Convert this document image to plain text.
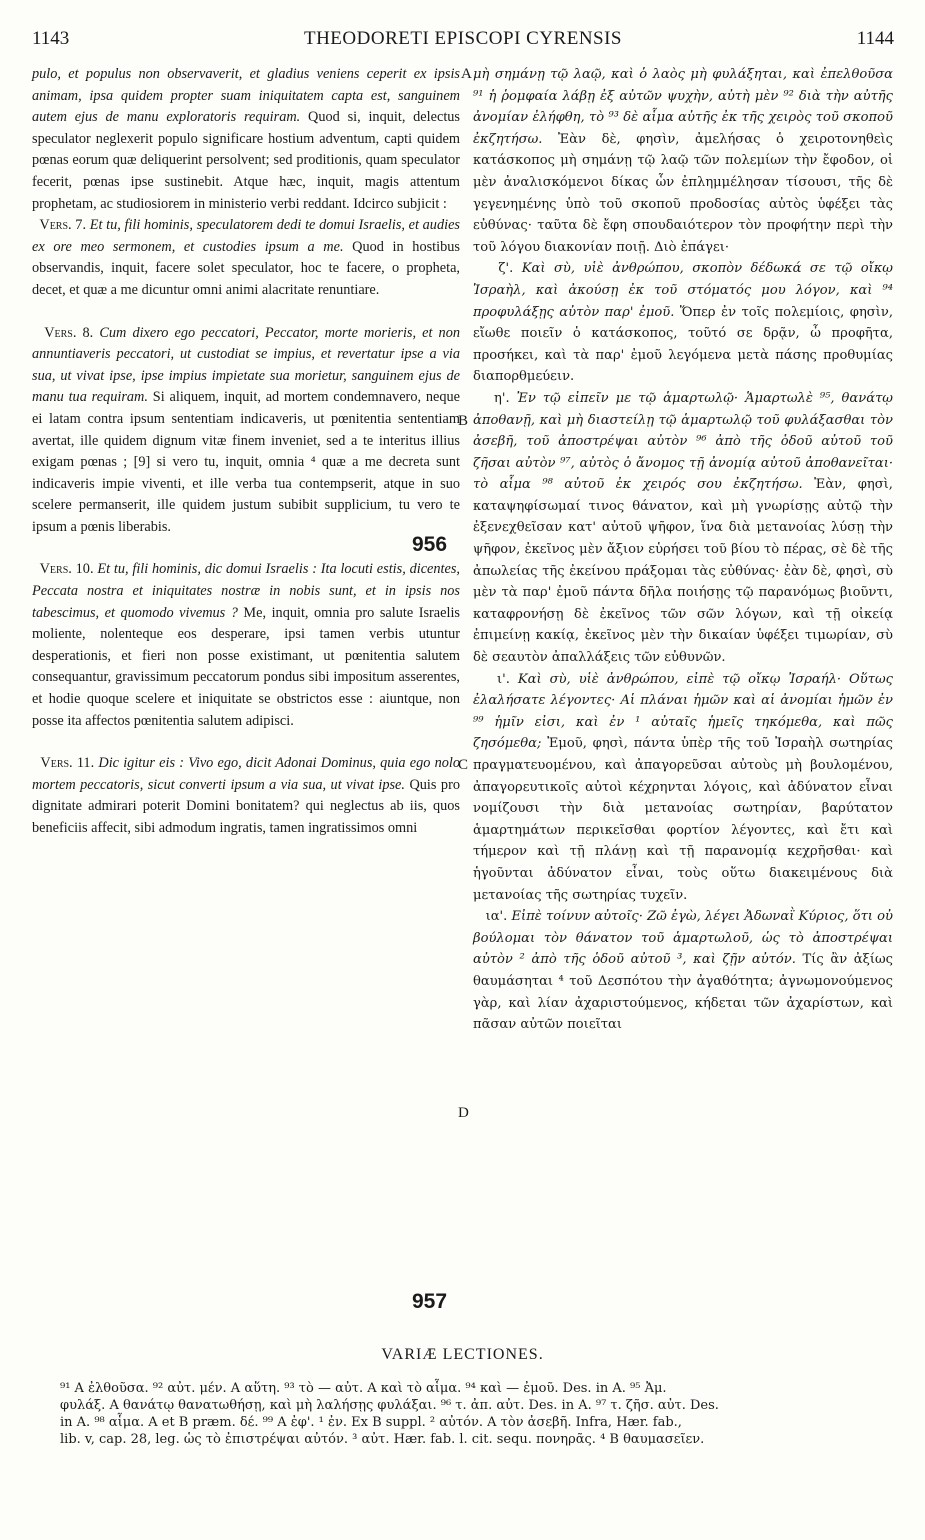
1143	THEODORETI EPISCOPI CYRENSIS	1144

pulo, et populus non observaverit, et gladius veniens ceperit ex ipsis animam, ipsa quidem propter suam iniquitatem capta est, sanguinem autem ejus de manu exploratoris requiram. Quod si, inquit, delectus speculator neglexerit populo significare hostium adventum, capti quidem pœnas eorum quæ deliquerint persolvent; sed proditionis, quam speculator fecerit, pœnas ipse sustinebit. Atque hæc, inquit, magis attentum prophetam, ac studiosiorem in ministerio verbi reddant. Idcirco subjicit :

Vers. 7. Et tu, fili hominis, speculatorem dedi te domui Israelis, et audies ex ore meo sermonem, et custodies ipsum a me. Quod in hostibus observandis, inquit, facere solet speculator, hoc te facere, o propheta, decet, et quæ a me dicuntur omni animi alacritate renuntiare.

Vers. 8. Cum dixero ego peccatori, Peccator, morte morieris, et non annuntiaveris peccatori, ut custodiat se impius, et revertatur ipse a via sua, ut vivat ipse, ipse impius impietate sua morietur, sanguinem ejus de manu tua requiram. Si aliquem, inquit, ad mortem condemnavero, neque ei latam contra ipsum sententiam indicaveris, ut pœnitentia sententiam avertat, ille quidem dignum vitæ finem inveniet, sed a te interitus illius exigam pœnas ; [9] si vero tu, inquit, omnia ⁴ quæ a me decreta sunt indicaveris impie viventi, et ille verba tua contempserit, atque in suo scelere permanserit, ille quidem justum subibit supplicium, tu vero te ipsum a pœnis liberabis.

Vers. 10. Et tu, fili hominis, dic domui Israelis : Ita locuti estis, dicentes, Peccata nostra et iniquitates nostræ in nobis sunt, et in ipsis nos tabescimus, et quomodo vivemus ? Me, inquit, omnia pro salute Israelis moliente, nolenteque eos desperare, ipsi tamen verbis utuntur desperationis, et fieri non posse existimant, ut pœnitentia salutem consequantur, gravissimum peccatorum pondus sibi impositum asserentes, et hodie quoque scelere et iniquitate se obstrictos esse : aiuntque, non posse ita affectos pœnitentia salutem adipisci.

Vers. 11. Dic igitur eis : Vivo ego, dicit Adonai Dominus, quia ego nolo mortem peccatoris, sicut converti ipsum a via sua, ut vivat ipse. Quis pro dignitate admirari poterit Domini bonitatem? qui neglectus ab iis, quos beneficiis affecit, sibi admodum ingratis, tamen ingratissimos omni

A
B
C
D
956
957

μὴ σημάνῃ τῷ λαῷ, καὶ ὁ λαὸς μὴ φυλάξηται, καὶ ἐπελθοῦσα ⁹¹ ἡ ῥομφαία λάβῃ ἐξ αὐτῶν ψυχὴν, αὐτὴ μὲν ⁹² διὰ τὴν αὐτῆς ἀνομίαν ἐλήφθη, τὸ ⁹³ δὲ αἷμα αὐτῆς ἐκ τῆς χειρὸς τοῦ σκοποῦ ἐκζητήσω. Ἐὰν δὲ, φησὶν, ἀμελήσας ὁ χειροτονηθεὶς κατάσκοπος μὴ σημάνῃ τῷ λαῷ τῶν πολεμίων τὴν ἔφοδον, οἱ μὲν ἀναλισκόμενοι δίκας ὧν ἐπλημμέλησαν τίσουσι, τῆς δὲ γεγενημένης ὑπὸ τοῦ σκοποῦ προδοσίας αὐτὸς ὑφέξει τὰς εὐθύνας· ταῦτα δὲ ἔφη σπουδαιότερον τὸν προφήτην περὶ τὴν τοῦ λόγου διακονίαν ποιῇ. Διὸ ἐπάγει·

ζ'. Καὶ σὺ, υἱὲ ἀνθρώπου, σκοπὸν δέδωκά σε τῷ οἴκῳ Ἰσραὴλ, καὶ ἀκούσῃ ἐκ τοῦ στόματός μου λόγον, καὶ ⁹⁴ προφυλάξῃς αὐτὸν παρ' ἐμοῦ. Ὅπερ ἐν τοῖς πολεμίοις, φησὶν, εἴωθε ποιεῖν ὁ κατάσκοπος, τοῦτό σε δρᾷν, ὦ προφῆτα, προσήκει, καὶ τὰ παρ' ἐμοῦ λεγόμενα μετὰ πάσης προθυμίας διαπορθμεύειν.

η'. Ἐν τῷ εἰπεῖν με τῷ ἁμαρτωλῷ· Ἁμαρτωλὲ ⁹⁵, θανάτῳ ἀποθανῇ, καὶ μὴ διαστείλῃ τῷ ἁμαρτωλῷ τοῦ φυλάξασθαι τὸν ἀσεβῆ, τοῦ ἀποστρέψαι αὐτὸν ⁹⁶ ἀπὸ τῆς ὁδοῦ αὐτοῦ τοῦ ζῆσαι αὐτὸν ⁹⁷, αὐτὸς ὁ ἄνομος τῇ ἀνομίᾳ αὐτοῦ ἀποθανεῖται· τὸ αἷμα ⁹⁸ αὐτοῦ ἐκ χειρός σου ἐκζητήσω. Ἐὰν, φησὶ, καταψηφίσωμαί τινος θάνατον, καὶ μὴ γνωρίσῃς αὐτῷ τὴν ἐξενεχθεῖσαν κατ' αὐτοῦ ψῆφον, ἵνα διὰ μετανοίας λύσῃ τὴν ψῆφον, ἐκεῖνος μὲν ἄξιον εὑρήσει τοῦ βίου τὸ πέρας, σὲ δὲ τῆς ἀπωλείας τῆς ἐκείνου πράξομαι τὰς εὐθύνας· ἐὰν δὲ, φησὶ, σὺ μὲν τὰ παρ' ἐμοῦ πάντα δῆλα ποιήσῃς τῷ παρανόμως βιοῦντι, καταφρονήσῃ δὲ ἐκεῖνος τῶν σῶν λόγων, καὶ τῇ οἰκείᾳ ἐπιμείνῃ κακίᾳ, ἐκεῖνος μὲν τὴν δικαίαν ὑφέξει τιμωρίαν, σὺ δὲ σεαυτὸν ἀπαλλάξεις τῶν εὐθυνῶν.

ι'. Καὶ σὺ, υἱὲ ἀνθρώπου, εἰπὲ τῷ οἴκῳ Ἰσραήλ· Οὕτως ἐλαλήσατε λέγοντες· Αἱ πλάναι ἡμῶν καὶ αἱ ἀνομίαι ἡμῶν ἐν ⁹⁹ ἡμῖν εἰσι, καὶ ἐν ¹ αὐταῖς ἡμεῖς τηκόμεθα, καὶ πῶς ζησόμεθα; Ἐμοῦ, φησὶ, πάντα ὑπὲρ τῆς τοῦ Ἰσραὴλ σωτηρίας πραγματευομένου, καὶ ἀπαγορεῦσαι αὐτοὺς μὴ βουλομένου, ἀπαγορευτικοῖς αὐτοὶ κέχρηνται λόγοις, καὶ ἀδύνατον εἶναι νομίζουσι τὴν διὰ μετανοίας σωτηρίαν, βαρύτατον ἁμαρτημάτων περικεῖσθαι φορτίον λέγοντες, καὶ ἔτι καὶ τήμερον καὶ τῇ πλάνῃ καὶ τῇ παρανομίᾳ κεχρῆσθαι· καὶ ἡγοῦνται ἀδύνατον εἶναι, τοὺς οὕτω διακειμένους διὰ μετανοίας τῆς σωτηρίας τυχεῖν.

ια'. Εἰπὲ τοίνυν αὐτοῖς· Ζῶ ἐγὼ, λέγει Ἀδωναῒ Κύριος, ὅτι οὐ βούλομαι τὸν θάνατον τοῦ ἁμαρτωλοῦ, ὡς τὸ ἀποστρέψαι αὐτὸν ² ἀπὸ τῆς ὁδοῦ αὐτοῦ ³, καὶ ζῇν αὐτόν. Τίς ἂν ἀξίως θαυμάσηται ⁴ τοῦ Δεσπότου τὴν ἀγαθότητα; ἀγνωμονούμενος γὰρ, καὶ λίαν ἀχαριστούμενος, κήδεται τῶν ἀχαρίστων, καὶ πᾶσαν αὐτῶν ποιεῖται

VARIÆ LECTIONES.
⁹¹ Α ἐλθοῦσα. ⁹² αὐτ. μέν. Α αὕτη. ⁹³ τὸ — αὐτ. Α καὶ τὸ αἷμα. ⁹⁴ καὶ — ἐμοῦ. Des. in A. ⁹⁵ Ἀμ.
φυλάξ. Α θανάτῳ θανατωθήσῃ, καὶ μὴ λαλήσῃς φυλάξαι. ⁹⁶ τ. ἀπ. αὐτ. Des. in A. ⁹⁷ τ. ζῆσ. αὐτ. Des.
in A. ⁹⁸ αἷμα. A et B præm. δέ. ⁹⁹ Α ἐφ'. ¹ ἐν. Ex B suppl. ² αὐτόν. Α τὸν ἀσεβῆ. Infra, Hær. fab.,
lib. v, cap. 28, leg. ὡς τὸ ἐπιστρέψαι αὐτόν. ³ αὐτ. Hær. fab. l. cit. sequ. πονηρᾶς. ⁴ B θαυμασεῖεν.
